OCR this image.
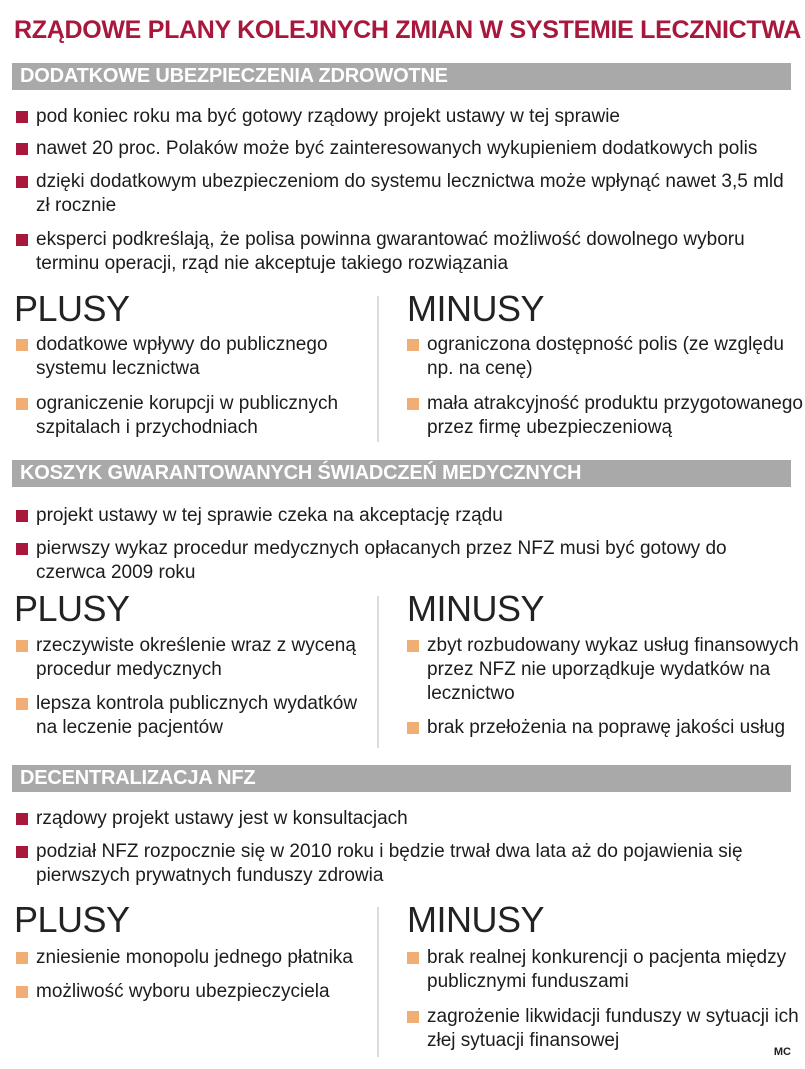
RZĄDOWE PLANY KOLEJNYCH ZMIAN W SYSTEMIE LECZNICTWA
DODATKOWE UBEZPIECZENIA ZDROWOTNE
pod koniec roku ma być gotowy rządowy projekt ustawy w tej sprawie
nawet 20 proc. Polaków może być zainteresowanych wykupieniem dodatkowych polis
dzięki dodatkowym ubezpieczeniom do systemu lecznictwa może wpłynąć nawet 3,5 mld zł rocznie
eksperci podkreślają, że polisa powinna gwarantować możliwość dowolnego wyboru terminu operacji, rząd nie akceptuje takiego rozwiązania
PLUSY	MINUSY
dodatkowe wpływy do publicznego systemu lecznictwa
ograniczenie korupcji w publicznych szpitalach i przychodniach
ograniczona dostępność polis (ze względu np. na cenę)
mała atrakcyjność produktu przygotowanego przez firmę ubezpieczeniową
KOSZYK GWARANTOWANYCH ŚWIADCZEŃ MEDYCZNYCH
projekt ustawy w tej sprawie czeka na akceptację rządu
pierwszy wykaz procedur medycznych opłacanych przez NFZ musi być gotowy do czerwca 2009 roku
PLUSY	MINUSY
rzeczywiste określenie wraz z wyceną procedur medycznych
lepsza kontrola publicznych wydatków na leczenie pacjentów
zbyt rozbudowany wykaz usług finansowych przez NFZ nie uporządkuje wydatków na lecznictwo
brak przełożenia na poprawę jakości usług
DECENTRALIZACJA NFZ
rządowy projekt ustawy jest w konsultacjach
podział NFZ rozpocznie się w 2010 roku i będzie trwał dwa lata aż do pojawienia się pierwszych prywatnych funduszy zdrowia
PLUSY	MINUSY
zniesienie monopolu jednego płatnika
możliwość wyboru ubezpieczyciela
brak realnej konkurencji o pacjenta między publicznymi funduszami
zagrożenie likwidacji funduszy w sytuacji ich złej sytuacji finansowej
MC
